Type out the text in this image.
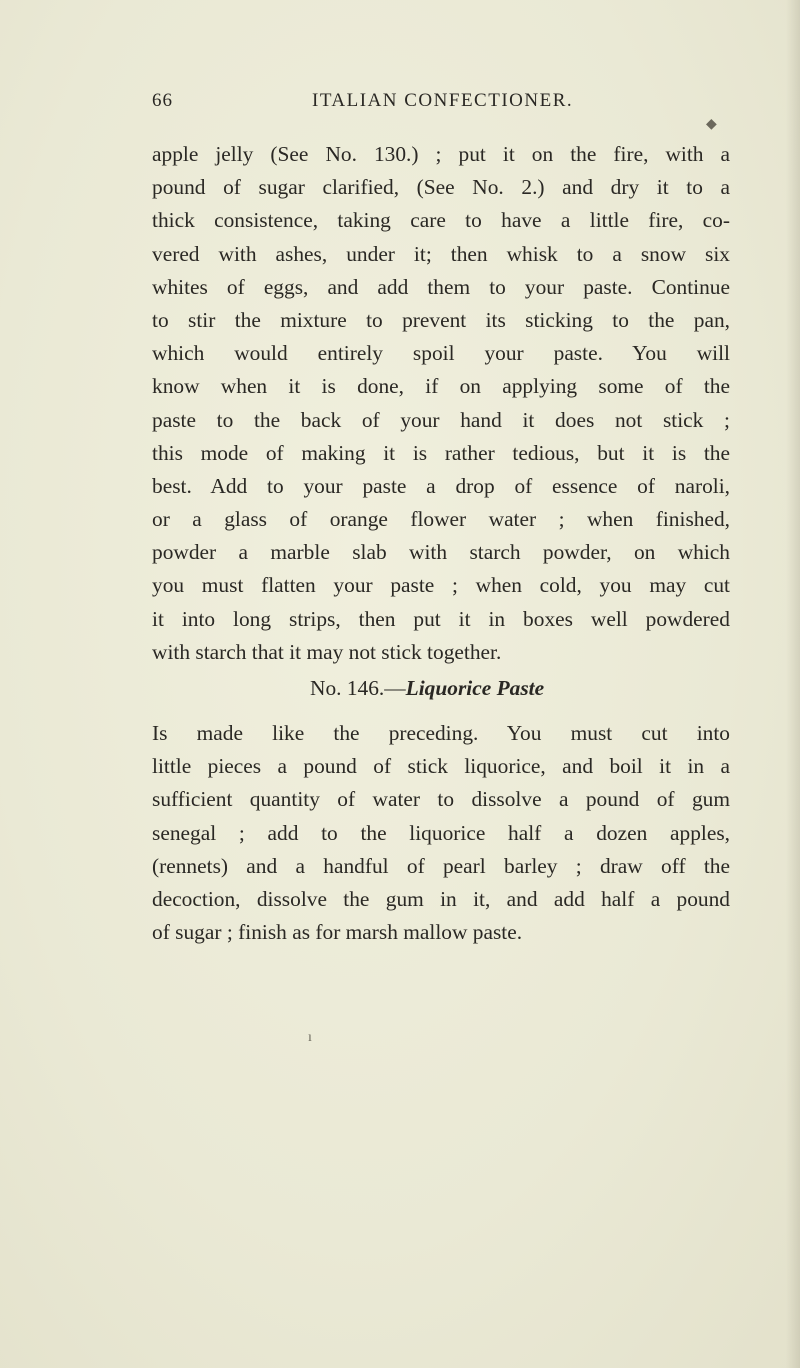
66	ITALIAN CONFECTIONER.
apple jelly (See No. 130.) ; put it on the fire, with a
pound of sugar clarified, (See No. 2.) and dry it to a
thick consistence, taking care to have a little fire, co-
vered with ashes, under it; then whisk to a snow six
whites of eggs, and add them to your paste. Continue
to stir the mixture to prevent its sticking to the pan,
which would entirely spoil your paste. You will
know when it is done, if on applying some of the
paste to the back of your hand it does not stick ;
this mode of making it is rather tedious, but it is the
best. Add to your paste a drop of essence of naroli,
or a glass of orange flower water ; when finished,
powder a marble slab with starch powder, on which
you must flatten your paste ; when cold, you may cut
it into long strips, then put it in boxes well powdered
with starch that it may not stick together.
No. 146.—Liquorice Paste
Is made like the preceding. You must cut into
little pieces a pound of stick liquorice, and boil it in a
sufficient quantity of water to dissolve a pound of gum
senegal ; add to the liquorice half a dozen apples,
(rennets) and a handful of pearl barley ; draw off the
decoction, dissolve the gum in it, and add half a pound
of sugar ; finish as for marsh mallow paste.
◆
ı
